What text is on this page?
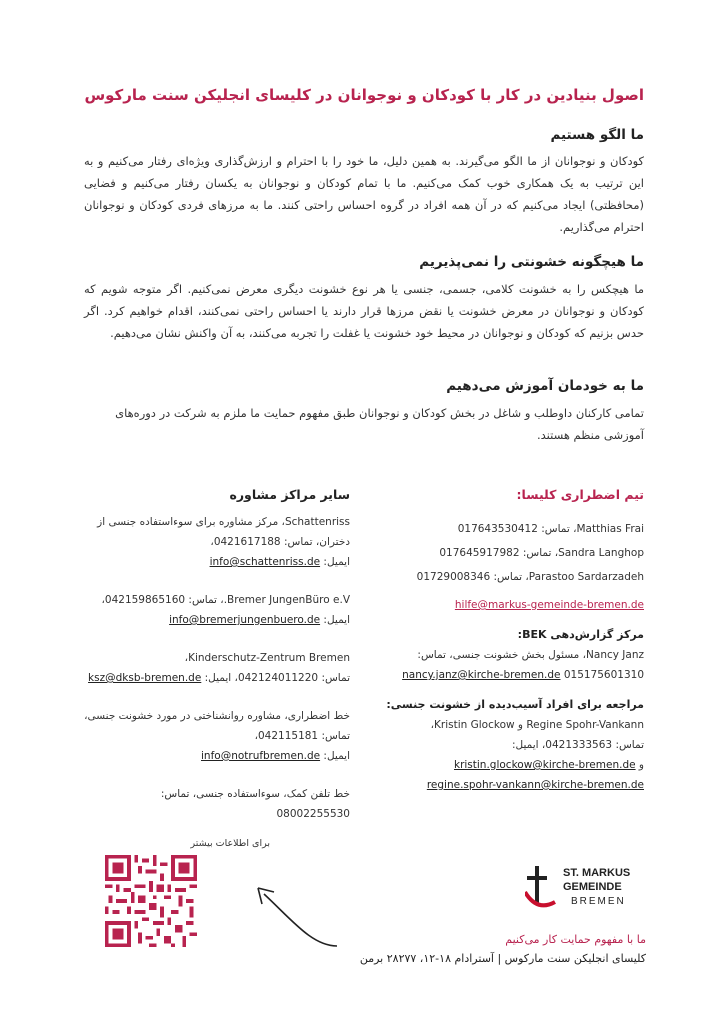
اصول بنیادین در کار با کودکان و نوجوانان در کلیسای انجلیکن سنت مارکوس
ما الگو هستیم
کودکان و نوجوانان از ما الگو می‌گیرند. به همین دلیل، ما خود را با احترام و ارزش‌گذاری ویژه‌ای رفتار می‌کنیم و به این ترتیب به یک همکاری خوب کمک می‌کنیم. ما با تمام کودکان و نوجوانان به یکسان رفتار می‌کنیم و فضایی (محافظتی) ایجاد می‌کنیم که در آن همه افراد در گروه احساس راحتی کنند. ما به مرزهای فردی کودکان و نوجوانان احترام می‌گذاریم.
ما هیچگونه خشونتی را نمی‌پذیریم
ما هیچکس را به خشونت کلامی، جسمی، جنسی یا هر نوع خشونت دیگری معرض نمی‌کنیم. اگر متوجه شویم که کودکان و نوجوانان در معرض خشونت یا نقض مرزها قرار دارند یا احساس راحتی نمی‌کنند، اقدام خواهیم کرد. اگر حدس بزنیم که کودکان و نوجوانان در محیط خود خشونت یا غفلت را تجربه می‌کنند، به آن واکنش نشان می‌دهیم.
ما به خودمان آموزش می‌دهیم
تمامی کارکنان داوطلب و شاغل در بخش کودکان و نوجوانان طبق مفهوم حمایت ما ملزم به شرکت در دوره‌های آموزشی منظم هستند.
سایر مراکز مشاوره	تیم اضطراری کلیسا:
Schattenriss، مرکز مشاوره برای سوءاستفاده جنسی از دختران، تماس: 0421617188،
ایمیل: info@schattenriss.de
Bremer JungenBüro e.V.، تماس: 042159865160،
ایمیل: info@bremerjungenbuero.de
Kinderschutz-Zentrum Bremen،
تماس: 042124011220، ایمیل: ksz@dksb-bremen.de
خط اضطراری، مشاوره روانشناختی در مورد خشونت جنسی، تماس: 042115181،
ایمیل: info@notrufbremen.de
خط تلفن کمک، سوءاستفاده جنسی، تماس:
08002255530
Matthias Frai، تماس: 017643530412
Sandra Langhop، تماس: 017645917982
Parastoo Sardarzadeh، تماس: 01729008346
hilfe@markus-gemeinde-bremen.de
مرکز گزارش‌دهی BEK:
Nancy Janz، مسئول بخش خشونت جنسی، تماس:
015175601310 nancy.janz@kirche-bremen.de
مراجعه برای افراد آسیب‌دیده از خشونت جنسی:
Regine Spohr-Vankann و Kristin Glockow،
تماس: 0421333563، ایمیل:
و kristin.glockow@kirche-bremen.de
regine.spohr-vankann@kirche-bremen.de
برای اطلاعات بیشتر
ST. MARKUS
GEMEINDE
BREMEN
ما با مفهوم حمایت کار می‌کنیم
کلیسای انجلیکن سنت مارکوس | آسترادام ۱۸-۱۲، ۲۸۲۷۷ برمن
